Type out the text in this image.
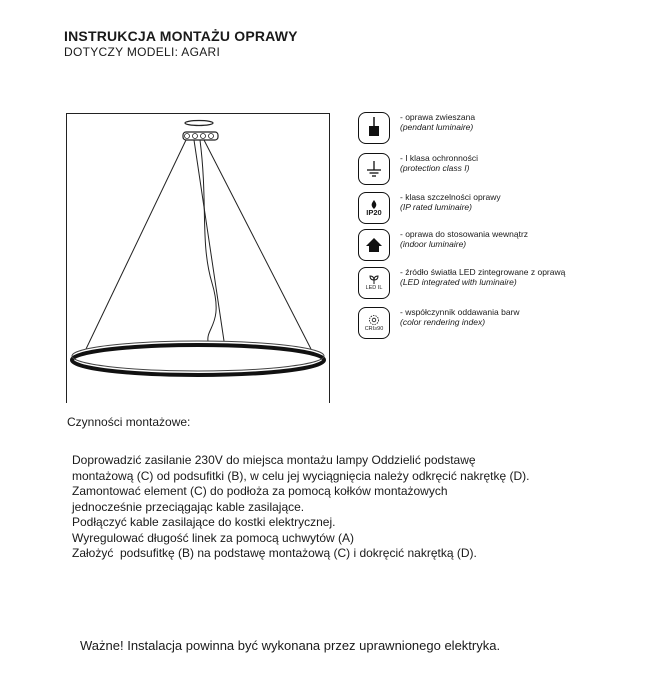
INSTRUKCJA MONTAŻU OPRAWY
DOTYCZY MODELI: AGARI
- oprawa zwieszana
(pendant luminaire)
- I klasa ochronności
(protection class I)
IP20
- klasa szczelności oprawy
(IP rated luminaire)
- oprawa do stosowania wewnątrz
(indoor luminaire)
LED IL
- źródło światła LED zintegrowane z oprawą
(LED integrated with luminaire)
CRI≥90
- współczynnik oddawania barw
(color rendering index)
Czynności montażowe:

Doprowadzić zasilanie 230V do miejsca montażu lampy Oddzielić podstawę

montażową (C) od podsufitki (B), w celu jej wyciągnięcia należy odkręcić nakrętkę (D).

Zamontować element (C) do podłoża za pomocą kołków montażowych

jednocześnie przeciągając kable zasilające.

Podłączyć kable zasilające do kostki elektrycznej.

Wyregulować długość linek za pomocą uchwytów (A)

Założyć  podsufitkę (B) na podstawę montażową (C) i dokręcić nakrętką (D).

Ważne! Instalacja powinna być wykonana przez uprawnionego elektryka.
